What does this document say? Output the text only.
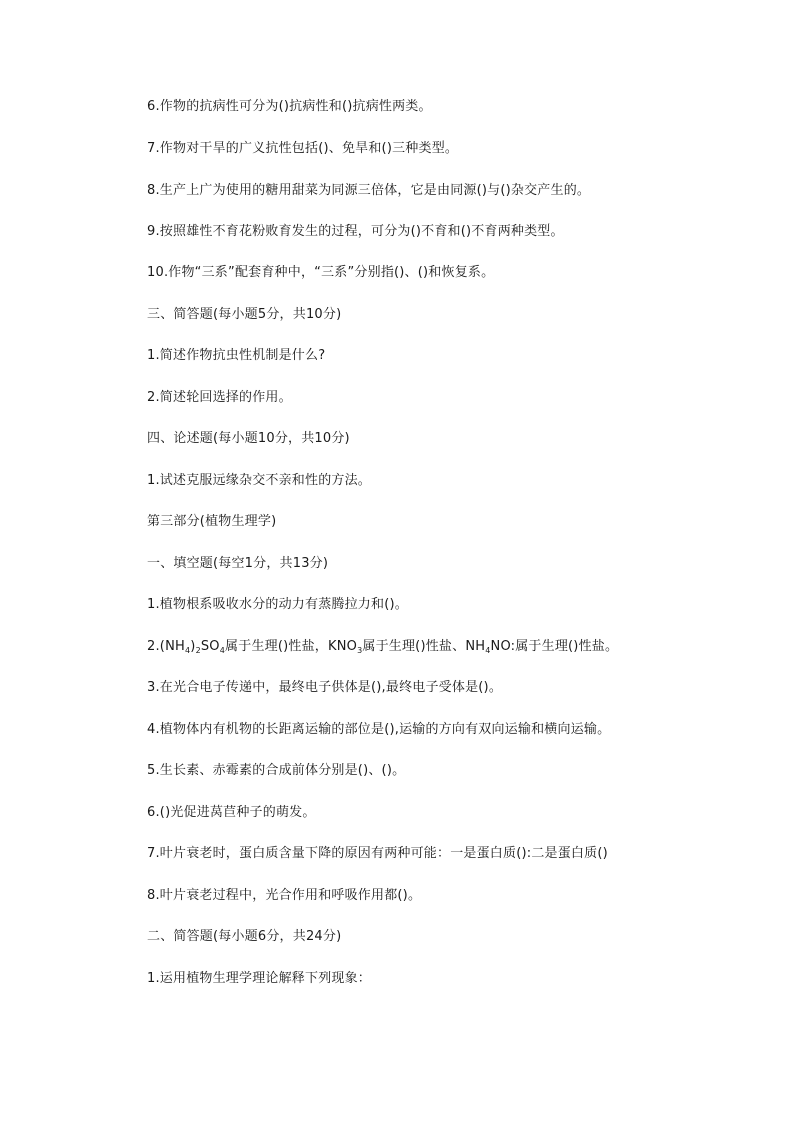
6.作物的抗病性可分为()抗病性和()抗病性两类。
7.作物对干旱的广义抗性包括()、免旱和()三种类型。
8.生产上广为使用的糖用甜菜为同源三倍体，它是由同源()与()杂交产生的。
9.按照雄性不育花粉败育发生的过程，可分为()不育和()不育两种类型。
10.作物“三系”配套育种中，“三系”分别指()、()和恢复系。
三、简答题(每小题5分，共10分)
1.简述作物抗虫性机制是什么?
2.简述轮回选择的作用。
四、论述题(每小题10分，共10分)
1.试述克服远缘杂交不亲和性的方法。
第三部分(植物生理学)
一、填空题(每空1分，共13分)
1.植物根系吸收水分的动力有蒸腾拉力和()。
$2.(NH_4)_2SO_4$属于生理()性盐，$KNO_3$属于生理()性盐、$NH_4NO$:属于生理()性盐。
3.在光合电子传递中，最终电子供体是(),最终电子受体是()。
4.植物体内有机物的长距离运输的部位是(),运输的方向有双向运输和横向运输。
5.生长素、赤霉素的合成前体分别是()、()。
6.()光促进莴苣种子的萌发。
7.叶片衰老时，蛋白质含量下降的原因有两种可能：一是蛋白质():二是蛋白质()
8.叶片衰老过程中，光合作用和呼吸作用都()。
二、简答题(每小题6分，共24分)
1.运用植物生理学理论解释下列现象：
